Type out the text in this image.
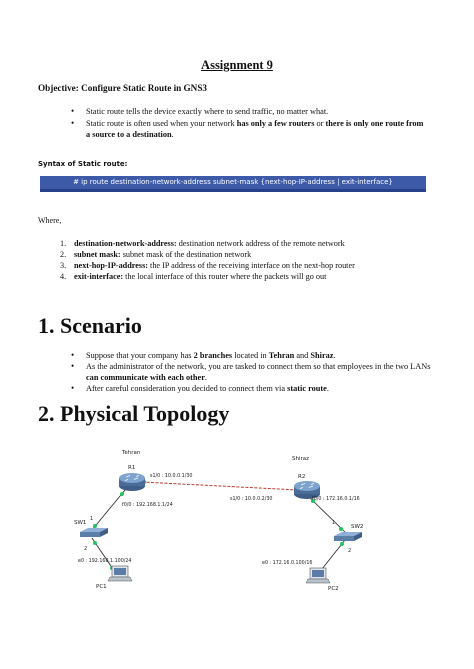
Assignment 9
Objective: Configure Static Route in GNS3
• Static route tells the device exactly where to send traffic, no matter what.
• Static route is often used when your network has only a few routers or there is only one route from a source to a destination.
Syntax of Static route:
# ip route destination-network-address subnet-mask {next-hop-IP-address | exit-interface}
Where,
1. destination-network-address: destination network address of the remote network
2. subnet mask: subnet mask of the destination network
3. next-hop-IP-address: the IP address of the receiving interface on the next-hop router
4. exit-interface: the local interface of this router where the packets will go out
1. Scenario
• Suppose that your company has 2 branches located in Tehran and Shiraz.
• As the administrator of the network, you are tasked to connect them so that employees in the two LANs can communicate with each other.
• After careful consideration you decided to connect them via static route.
2. Physical Topology
Tehran
Shiraz
R1
s1/0 : 10.0.0.1/30
f0/0 : 192.168.1.1/24
R2
s1/0 : 10.0.0.2/30	f0/0 : 172.16.0.1/16
SW1
1
2
SW2
1
2
PC1
e0 : 192.168.1.100/24
PC2
e0 : 172.16.0.100/16
